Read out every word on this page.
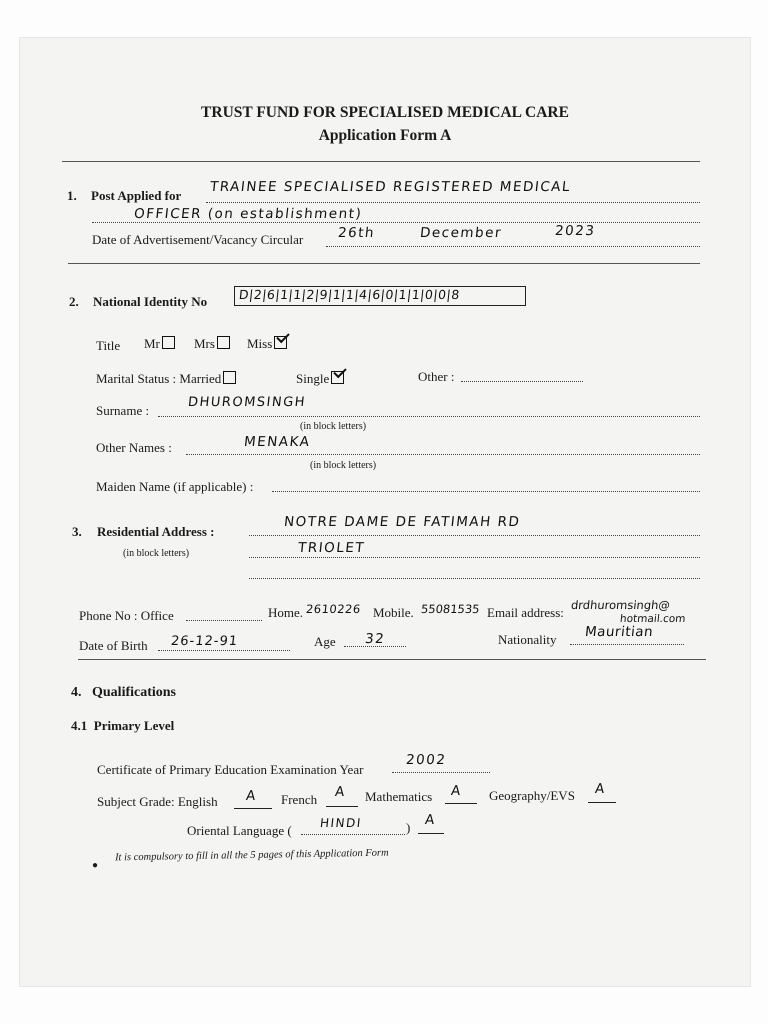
TRUST FUND FOR SPECIALISED MEDICAL CARE
Application Form A
1. Post Applied for
TRAINEE SPECIALISED REGISTERED MEDICAL
OFFICER (on establishment)
Date of Advertisement/Vacancy Circular	26th	December	2023
2. National Identity No D|2|6|1|1|2|9|1|1|4|6|0|1|1|0|0|8
Title Mr	Mrs	Miss
Marital Status : Married	Single	Other :
Surname :
DHUROMSINGH
(in block letters)
Other Names :	MENAKA
(in block letters)
Maiden Name (if applicable) :
3. Residential Address :
(in block letters)
NOTRE DAME DE FATIMAH RD
TRIOLET
Phone No : Office	Home. 2610226 Mobile. 55081535 Email address: drdhuromsingh@
hotmail.com
Date of Birth 26-12-91	Age 32	Nationality Mauritian
4.   Qualifications
4.1  Primary Level
Certificate of Primary Education Examination Year
2002
Subject Grade: English A French A Mathematics A Geography/EVS A
Oriental Language ( HINDI	) A
●
It is compulsory to fill in all the 5 pages of this Application Form
